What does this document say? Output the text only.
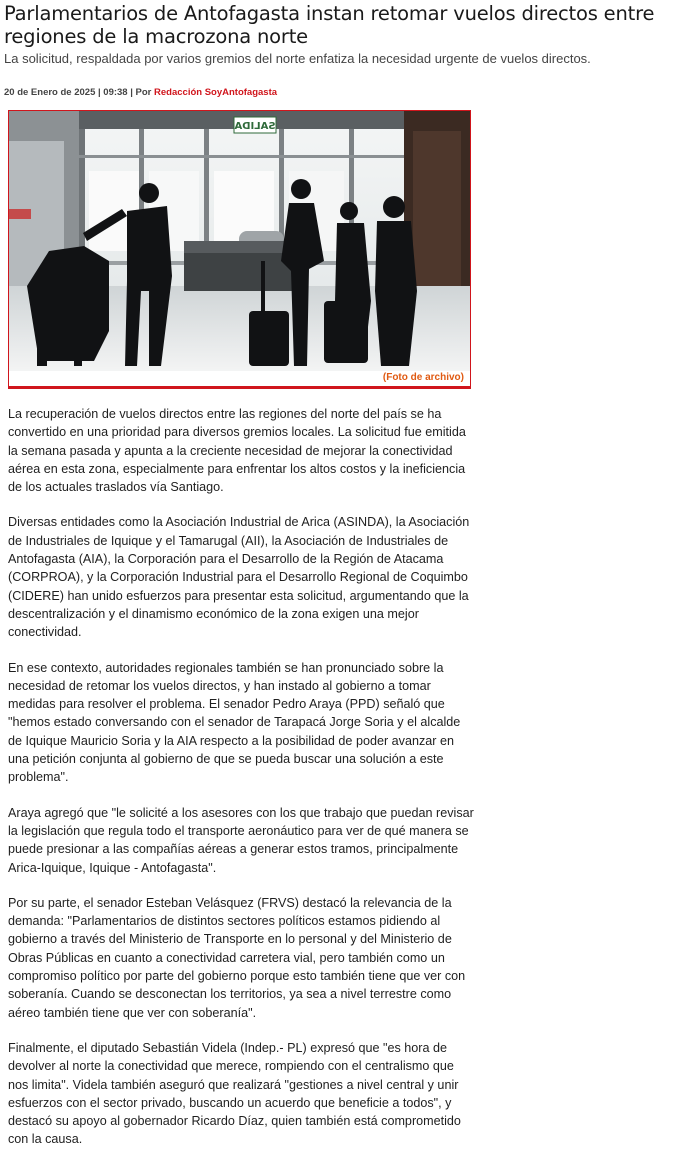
Parlamentarios de Antofagasta instan retomar vuelos directos entre regiones de la macrozona norte

La solicitud, respaldada por varios gremios del norte enfatiza la necesidad urgente de vuelos directos.

20 de Enero de 2025 | 09:38 | Por Redacción SoyAntofagasta

SALIDA

(Foto de archivo)

La recuperación de vuelos directos entre las regiones del norte del país se ha convertido en una prioridad para diversos gremios locales. La solicitud fue emitida la semana pasada y apunta a la creciente necesidad de mejorar la conectividad aérea en esta zona, especialmente para enfrentar los altos costos y la ineficiencia de los actuales traslados vía Santiago.

Diversas entidades como la Asociación Industrial de Arica (ASINDA), la Asociación de Industriales de Iquique y el Tamarugal (AII), la Asociación de Industriales de Antofagasta (AIA), la Corporación para el Desarrollo de la Región de Atacama (CORPROA), y la Corporación Industrial para el Desarrollo Regional de Coquimbo (CIDERE) han unido esfuerzos para presentar esta solicitud, argumentando que la descentralización y el dinamismo económico de la zona exigen una mejor conectividad.

En ese contexto, autoridades regionales también se han pronunciado sobre la necesidad de retomar los vuelos directos, y han instado al gobierno a tomar medidas para resolver el problema. El senador Pedro Araya (PPD) señaló que "hemos estado conversando con el senador de Tarapacá Jorge Soria y el alcalde de Iquique Mauricio Soria y la AIA respecto a la posibilidad de poder avanzar en una petición conjunta al gobierno de que se pueda buscar una solución a este problema".

Araya agregó que "le solicité a los asesores con los que trabajo que puedan revisar la legislación que regula todo el transporte aeronáutico para ver de qué manera se puede presionar a las compañías aéreas a generar estos tramos, principalmente Arica-Iquique, Iquique - Antofagasta".

Por su parte, el senador Esteban Velásquez (FRVS) destacó la relevancia de la demanda: "Parlamentarios de distintos sectores políticos estamos pidiendo al gobierno a través del Ministerio de Transporte en lo personal y del Ministerio de Obras Públicas en cuanto a conectividad carretera vial, pero también como un compromiso político por parte del gobierno porque esto también tiene que ver con soberanía. Cuando se desconectan los territorios, ya sea a nivel terrestre como aéreo también tiene que ver con soberanía".

Finalmente, el diputado Sebastián Videla (Indep.- PL) expresó que "es hora de devolver al norte la conectividad que merece, rompiendo con el centralismo que nos limita". Videla también aseguró que realizará "gestiones a nivel central y unir esfuerzos con el sector privado, buscando un acuerdo que beneficie a todos", y destacó su apoyo al gobernador Ricardo Díaz, quien también está comprometido con la causa.
